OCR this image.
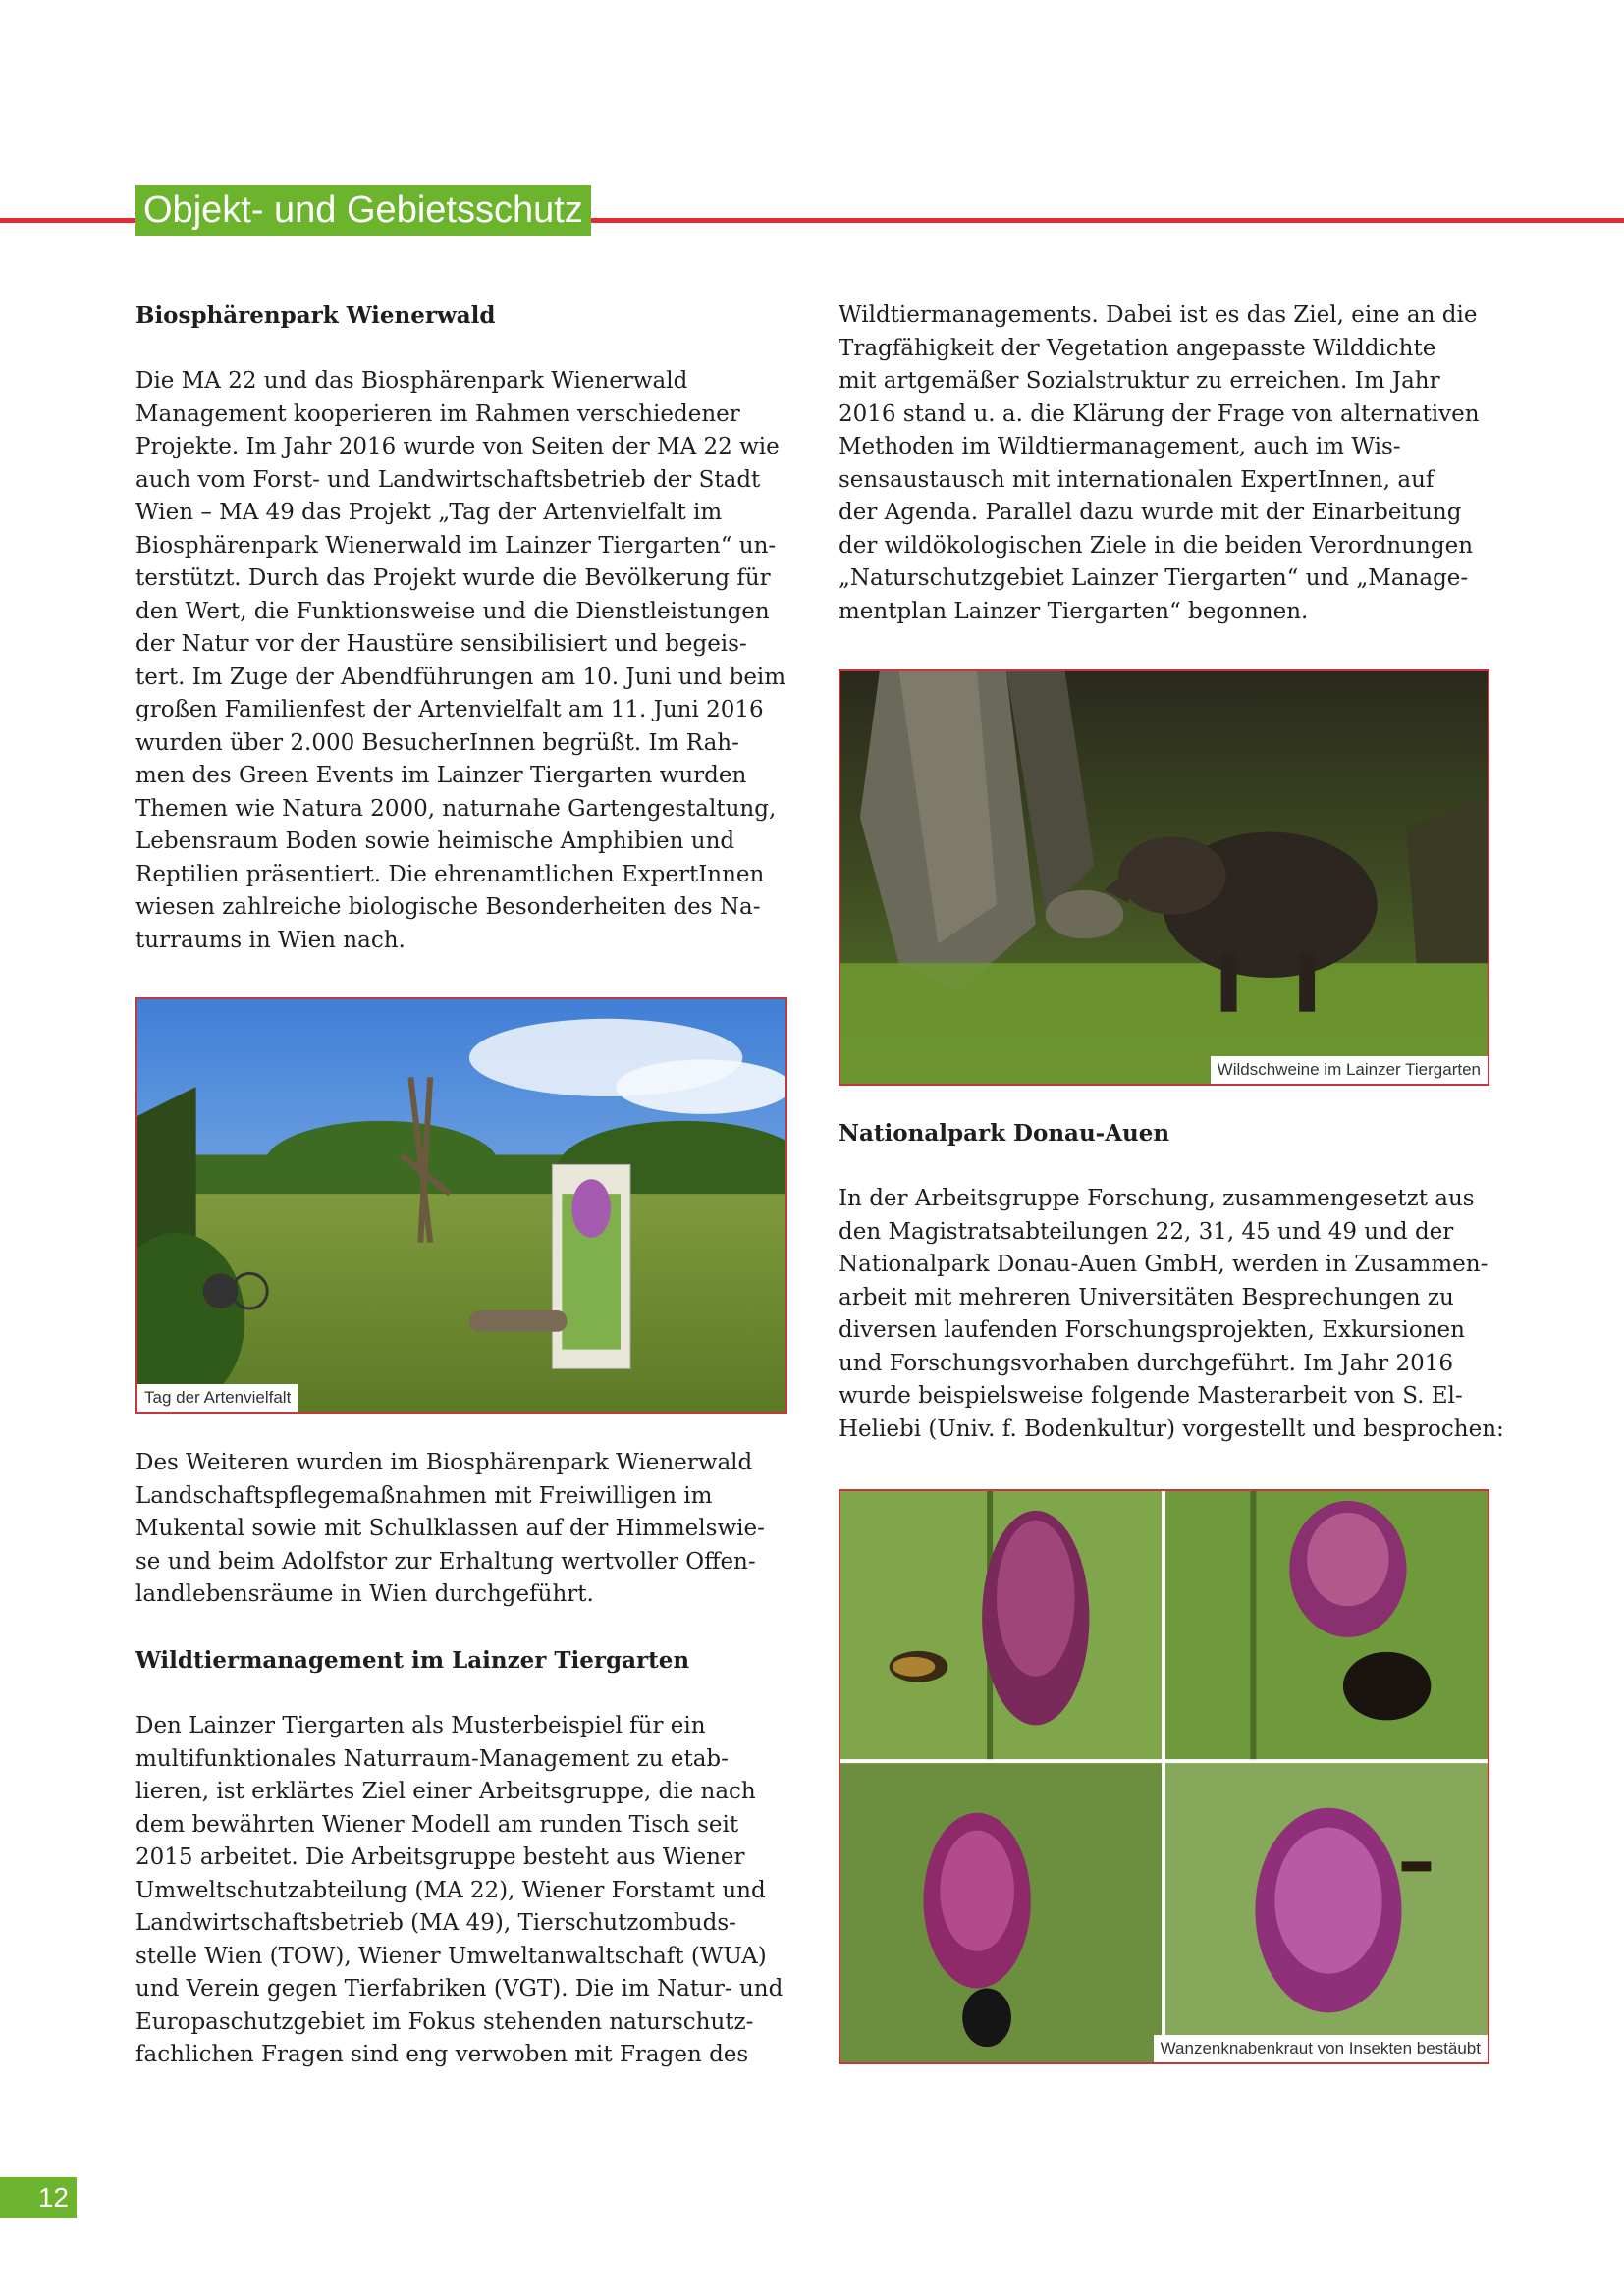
Objekt- und Gebietsschutz
Biosphärenpark Wienerwald
Die MA 22 und das Biosphärenpark Wienerwald
Management kooperieren im Rahmen verschiedener
Projekte. Im Jahr 2016 wurde von Seiten der MA 22 wie
auch vom Forst- und Landwirtschaftsbetrieb der Stadt
Wien – MA 49 das Projekt „Tag der Artenvielfalt im
Biosphärenpark Wienerwald im Lainzer Tiergarten“ un-
terstützt. Durch das Projekt wurde die Bevölkerung für
den Wert, die Funktionsweise und die Dienstleistungen
der Natur vor der Haustüre sensibilisiert und begeis-
tert. Im Zuge der Abendführungen am 10. Juni und beim
großen Familienfest der Artenvielfalt am 11. Juni 2016
wurden über 2.000 BesucherInnen begrüßt. Im Rah-
men des Green Events im Lainzer Tiergarten wurden
Themen wie Natura 2000, naturnahe Gartengestaltung,
Lebensraum Boden sowie heimische Amphibien und
Reptilien präsentiert. Die ehrenamtlichen ExpertInnen
wiesen zahlreiche biologische Besonderheiten des Na-
turraums in Wien nach.
Tag der Artenvielfalt
Des Weiteren wurden im Biosphärenpark Wienerwald
Landschaftspflegemaßnahmen mit Freiwilligen im
Mukental sowie mit Schulklassen auf der Himmelswie-
se und beim Adolfstor zur Erhaltung wertvoller Offen-
landlebensräume in Wien durchgeführt.
Wildtiermanagement im Lainzer Tiergarten
Den Lainzer Tiergarten als Musterbeispiel für ein
multifunktionales Naturraum-Management zu etab-
lieren, ist erklärtes Ziel einer Arbeitsgruppe, die nach
dem bewährten Wiener Modell am runden Tisch seit
2015 arbeitet. Die Arbeitsgruppe besteht aus Wiener
Umweltschutzabteilung (MA 22), Wiener Forstamt und
Landwirtschaftsbetrieb (MA 49), Tierschutzombuds-
stelle Wien (TOW), Wiener Umweltanwaltschaft (WUA)
und Verein gegen Tierfabriken (VGT). Die im Natur- und
Europaschutzgebiet im Fokus stehenden naturschutz-
fachlichen Fragen sind eng verwoben mit Fragen des
Wildtiermanagements. Dabei ist es das Ziel, eine an die
Tragfähigkeit der Vegetation angepasste Wilddichte
mit artgemäßer Sozialstruktur zu erreichen. Im Jahr
2016 stand u. a. die Klärung der Frage von alternativen
Methoden im Wildtiermanagement, auch im Wis-
sensaustausch mit internationalen ExpertInnen, auf
der Agenda. Parallel dazu wurde mit der Einarbeitung
der wildökologischen Ziele in die beiden Verordnungen
„Naturschutzgebiet Lainzer Tiergarten“ und „Manage-
mentplan Lainzer Tiergarten“ begonnen.
Wildschweine im Lainzer Tiergarten
Nationalpark Donau-Auen
In der Arbeitsgruppe Forschung, zusammengesetzt aus
den Magistratsabteilungen 22, 31, 45 und 49 und der
Nationalpark Donau-Auen GmbH, werden in Zusammen-
arbeit mit mehreren Universitäten Besprechungen zu
diversen laufenden Forschungsprojekten, Exkursionen
und Forschungsvorhaben durchgeführt. Im Jahr 2016
wurde beispielsweise folgende Masterarbeit von S. El-
Heliebi (Univ. f. Bodenkultur) vorgestellt und besprochen:
Wanzenknabenkraut von Insekten bestäubt
12
